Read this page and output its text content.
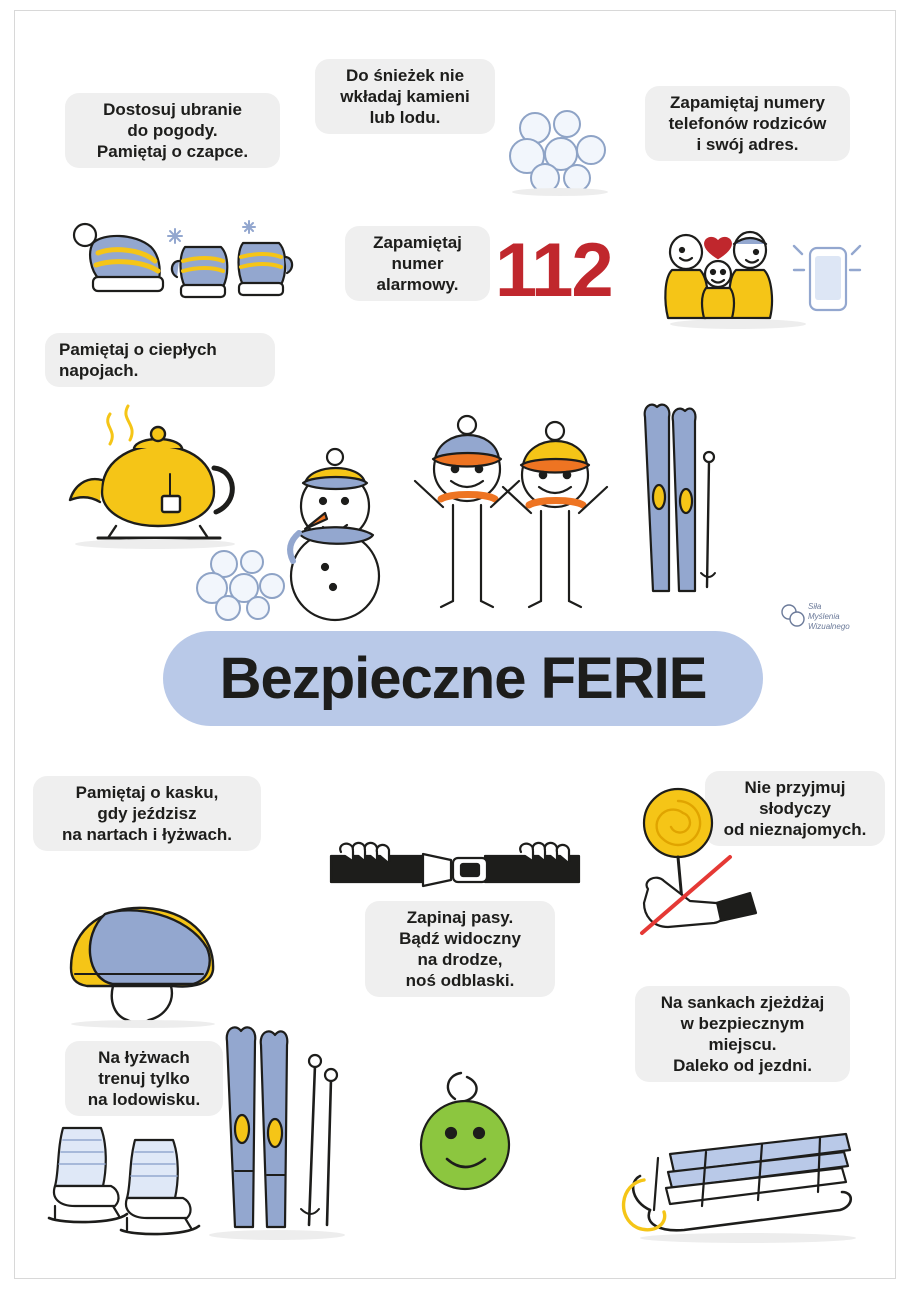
Dostosuj ubranie
do pogody.
Pamiętaj o czapce.
Do śnieżek nie
wkładaj kamieni
lub lodu.
Zapamiętaj numery
telefonów rodziców
i swój adres.
Zapamiętaj
numer
alarmowy. 112
Pamiętaj o ciepłych
napojach.
Pamiętaj o kasku,
gdy jeździsz
na nartach i łyżwach.
Zapinaj pasy.
Bądź widoczny
na drodze,
noś odblaski.
Nie przyjmuj
słodyczy
od nieznajomych.
Na łyżwach
trenuj tylko
na lodowisku.
Na sankach zjeżdżaj
w bezpiecznym
miejscu.
Daleko od jezdni.
Bezpieczne FERIE
Siła
Myślenia
Wizualnego
